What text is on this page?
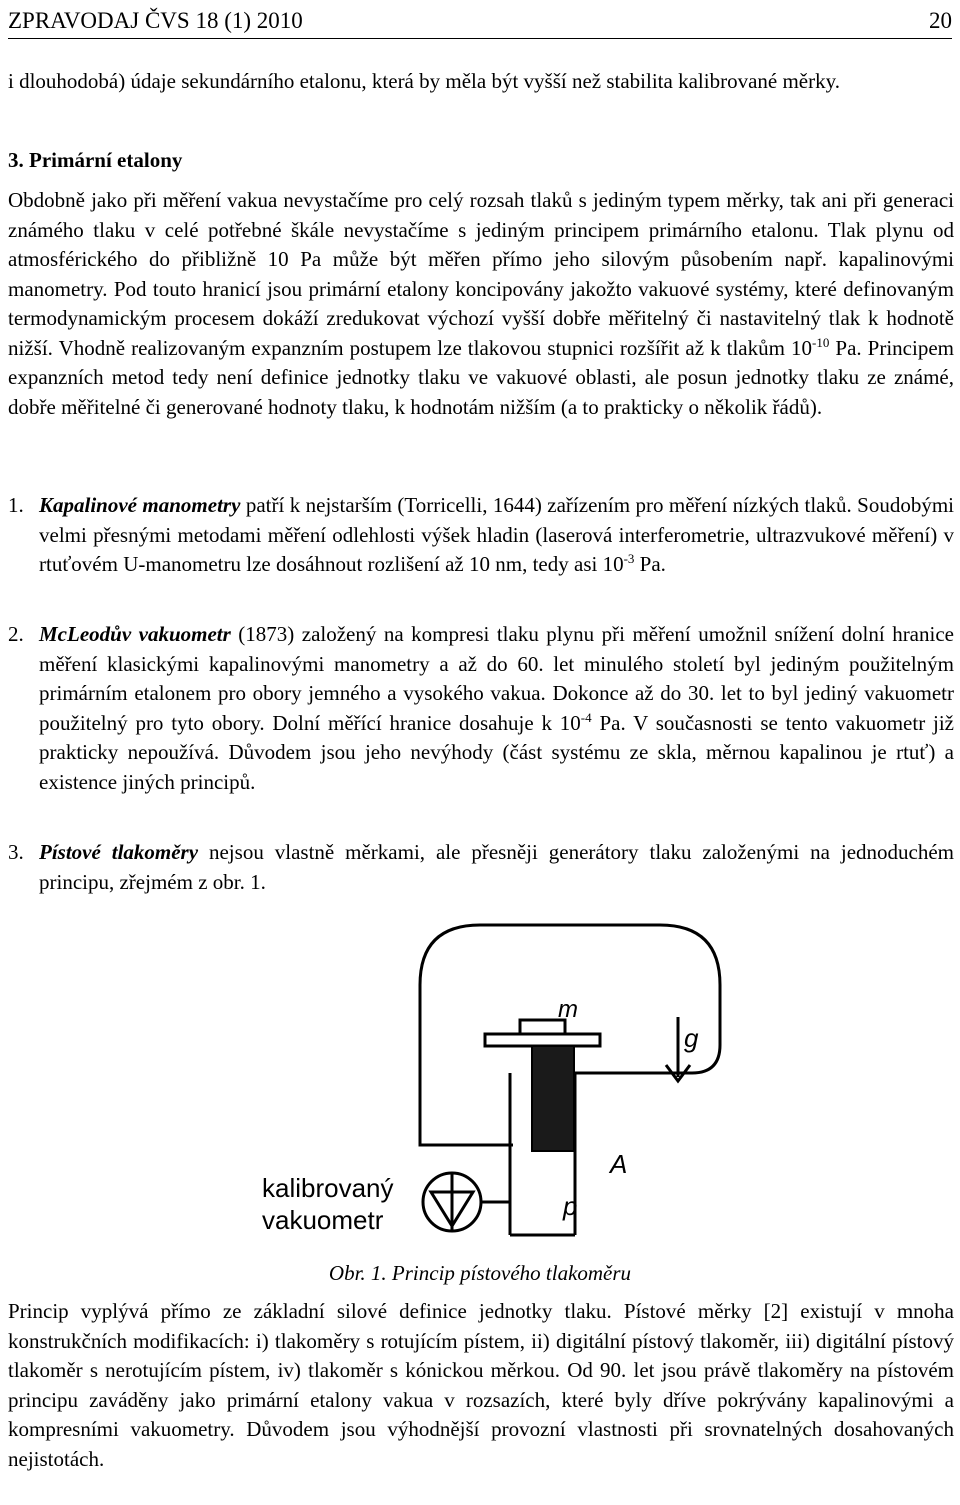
ZPRAVODAJ ČVS 18 (1) 2010	20
i dlouhodobá) údaje sekundárního etalonu, která by měla být vyšší než stabilita kalibrované měrky.
3. Primární etalony
Obdobně jako při měření vakua nevystačíme pro celý rozsah tlaků s jediným typem měrky, tak ani při generaci známého tlaku v celé potřebné škále nevystačíme s jediným principem primárního etalonu. Tlak plynu od atmosférického do přibližně 10 Pa může být měřen přímo jeho silovým působením např. kapalinovými manometry. Pod touto hranicí jsou primární etalony koncipovány jakožto vakuové systémy, které definovaným termodynamickým procesem dokáží zredukovat výchozí vyšší dobře měřitelný či nastavitelný tlak k hodnotě nižší. Vhodně realizovaným expanzním postupem lze tlakovou stupnici rozšířit až k tlakům $10^{-10}$ Pa. Principem expanzních metod tedy není definice jednotky tlaku ve vakuové oblasti, ale posun jednotky tlaku ze známé, dobře měřitelné či generované hodnoty tlaku, k hodnotám nižším (a to prakticky o několik řádů).
1. Kapalinové manometry patří k nejstarším (Torricelli, 1644) zařízením pro měření nízkých tlaků. Soudobými velmi přesnými metodami měření odlehlosti výšek hladin (laserová interferometrie, ultrazvukové měření) v rtuťovém U-manometru lze dosáhnout rozlišení až 10 nm, tedy asi $10^{-3}$ Pa.
2. McLeodův vakuometr (1873) založený na kompresi tlaku plynu při měření umožnil snížení dolní hranice měření klasickými kapalinovými manometry a až do 60. let minulého století byl jediným použitelným primárním etalonem pro obory jemného a vysokého vakua. Dokonce až do 30. let to byl jediný vakuometr použitelný pro tyto obory. Dolní měřící hranice dosahuje k $10^{-4}$ Pa. V současnosti se tento vakuometr již prakticky nepoužívá. Důvodem jsou jeho nevýhody (část systému ze skla, měrnou kapalinou je rtuť) a existence jiných principů.
3. Pístové tlakoměry nejsou vlastně měrkami, ale přesněji generátory tlaku založenými na jednoduchém principu, zřejmém z obr. 1.
m
g
A
p
kalibrovaný
vakuometr
Obr. 1. Princip pístového tlakoměru
Princip vyplývá přímo ze základní silové definice jednotky tlaku. Pístové měrky [2] existují v mnoha konstrukčních modifikacích: i) tlakoměry s rotujícím pístem, ii) digitální pístový tlakoměr, iii) digitální pístový tlakoměr s nerotujícím pístem, iv) tlakoměr s kónickou měrkou. Od 90. let jsou právě tlakoměry na pístovém principu zaváděny jako primární etalony vakua v rozsazích, které byly dříve pokrývány kapalinovými a kompresními vakuometry. Důvodem jsou výhodnější provozní vlastnosti při srovnatelných dosahovaných nejistotách.
